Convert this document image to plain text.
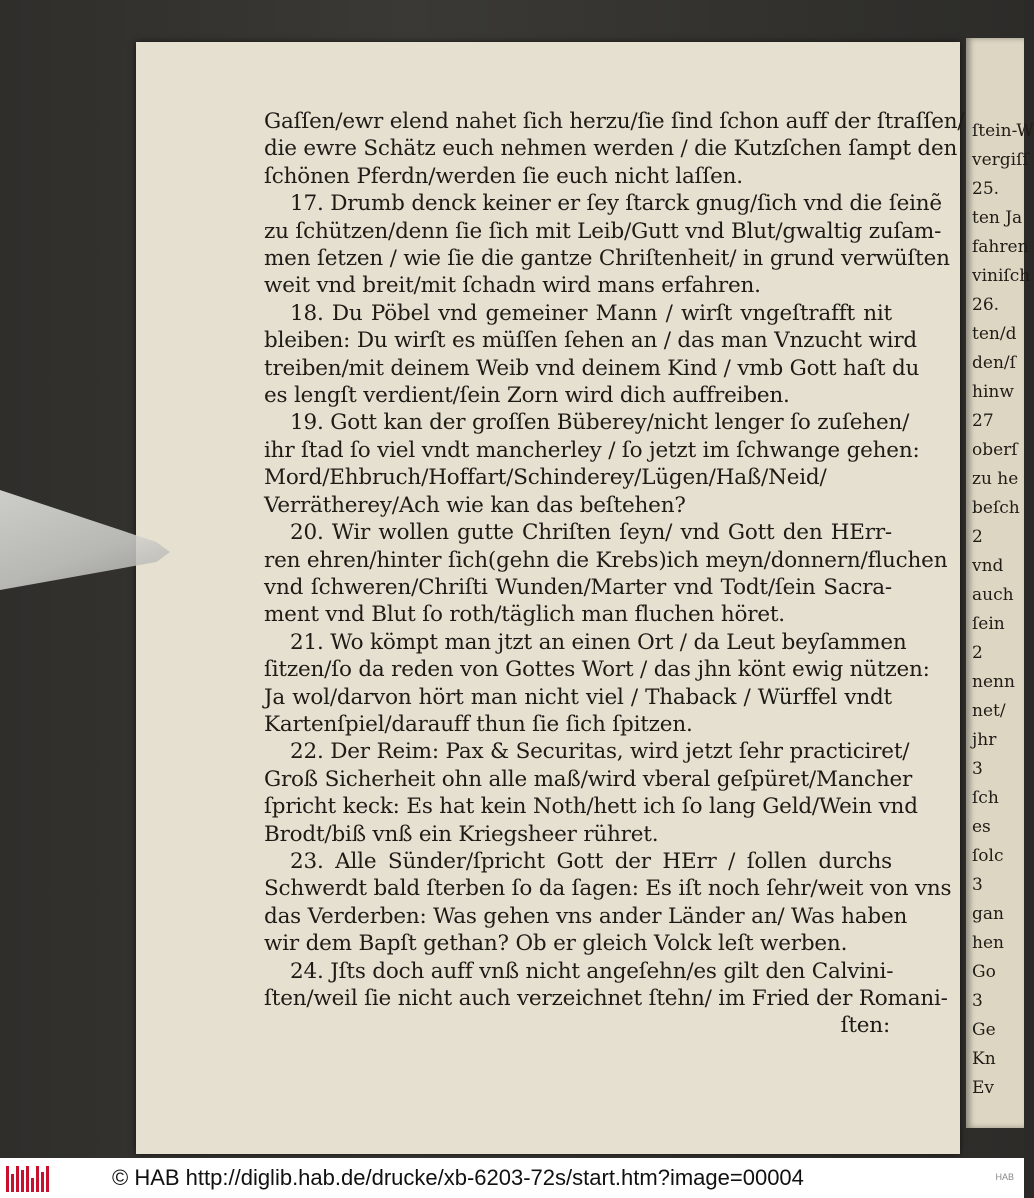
Gaſſen/ewr elend nahet ſich herzu/ſie ſind ſchon auff der ſtraſſen/
die ewre Schätz euch nehmen werden / die Kutzſchen ſampt den
ſchönen Pferdn/werden ſie euch nicht laſſen.
17. Drumb denck keiner er ſey ſtarck gnug/ſich vnd die ſeinẽ
zu ſchützen/denn ſie ſich mit Leib/Gutt vnd Blut/gwaltig zuſam-
men ſetzen / wie ſie die gantze Chriſtenheit/ in grund verwüſten
weit vnd breit/mit ſchadn wird mans erfahren.
18. Du Pöbel vnd gemeiner Mann / wirſt vngeſtrafft nit
bleiben: Du wirſt es müſſen ſehen an / das man Vnzucht wird
treiben/mit deinem Weib vnd deinem Kind / vmb Gott haſt du
es lengſt verdient/ſein Zorn wird dich auffreiben.
19. Gott kan der groſſen Büberey/nicht lenger ſo zuſehen/
ihr ſtad ſo viel vndt mancherley / ſo jetzt im ſchwange gehen:
Mord/Ehbruch/Hoffart/Schinderey/Lügen/Haß/Neid/
Verrätherey/Ach wie kan das beſtehen?
20. Wir wollen gutte Chriſten ſeyn/ vnd Gott den HErr-
ren ehren/hinter ſich(gehn die Krebs)ich meyn/donnern/fluchen
vnd ſchweren/Chriſti Wunden/Marter vnd Todt/ſein Sacra-
ment vnd Blut ſo roth/täglich man fluchen höret.
21. Wo kömpt man jtzt an einen Ort / da Leut beyſammen
ſitzen/ſo da reden von Gottes Wort / das jhn könt ewig nützen:
Ja wol/darvon hört man nicht viel / Thaback / Würffel vndt
Kartenſpiel/darauff thun ſie ſich ſpitzen.
22. Der Reim: Pax & Securitas, wird jetzt ſehr practiciret/
Groß Sicherheit ohn alle maß/wird vberal geſpüret/Mancher
ſpricht keck: Es hat kein Noth/hett ich ſo lang Geld/Wein vnd
Brodt/biß vnß ein Kriegsheer rühret.
23. Alle Sünder/ſpricht Gott der HErr / ſollen durchs
Schwerdt bald ſterben ſo da ſagen: Es iſt noch ſehr/weit von vns
das Verderben: Was gehen vns ander Länder an/ Was haben
wir dem Bapſt gethan? Ob er gleich Volck leſt werben.
24. Jſts doch auff vnß nicht angeſehn/es gilt den Calvini-
ſten/weil ſie nicht auch verzeichnet ſtehn/ im Fried der Romani-
ſten:
ſtein-W
vergiſſ
25.
ten Ja
fahren
viniſch
26.
ten/d
den/ſ
hinw
27
oberſ
zu he
beſch
2
vnd
auch
ſein
2
nenn
net/
jhr
3
ſch
es
ſolc
3
gan
hen
Go
3
Ge
Kn
Ev
© HAB http://diglib.hab.de/drucke/xb-6203-72s/start.htm?image=00004	HAB
